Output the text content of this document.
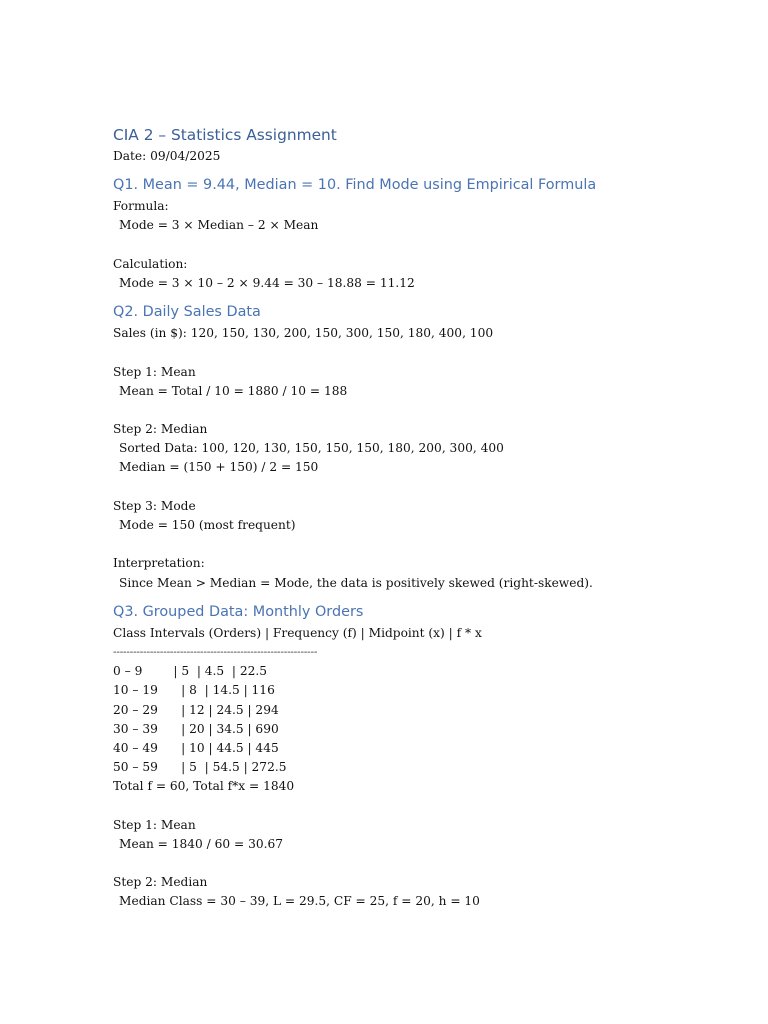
CIA 2 – Statistics Assignment
Date: 09/04/2025
Q1. Mean = 9.44, Median = 10. Find Mode using Empirical Formula
Formula:
Mode = 3 × Median – 2 × Mean
Calculation:
Mode = 3 × 10 – 2 × 9.44 = 30 – 18.88 = 11.12
Q2. Daily Sales Data
Sales (in $): 120, 150, 130, 200, 150, 300, 150, 180, 400, 100
Step 1: Mean
Mean = Total / 10 = 1880 / 10 = 188
Step 2: Median
Sorted Data: 100, 120, 130, 150, 150, 150, 180, 200, 300, 400
Median = (150 + 150) / 2 = 150
Step 3: Mode
Mode = 150 (most frequent)
Interpretation:
Since Mean > Median = Mode, the data is positively skewed (right-skewed).
Q3. Grouped Data: Monthly Orders
Class Intervals (Orders) | Frequency (f) | Midpoint (x) | f * x
-------------------------------------------------------------
0 – 9        | 5  | 4.5  | 22.5
10 – 19      | 8  | 14.5 | 116
20 – 29      | 12 | 24.5 | 294
30 – 39      | 20 | 34.5 | 690
40 – 49      | 10 | 44.5 | 445
50 – 59      | 5  | 54.5 | 272.5
Total f = 60, Total f*x = 1840
Step 1: Mean
Mean = 1840 / 60 = 30.67
Step 2: Median
Median Class = 30 – 39, L = 29.5, CF = 25, f = 20, h = 10
